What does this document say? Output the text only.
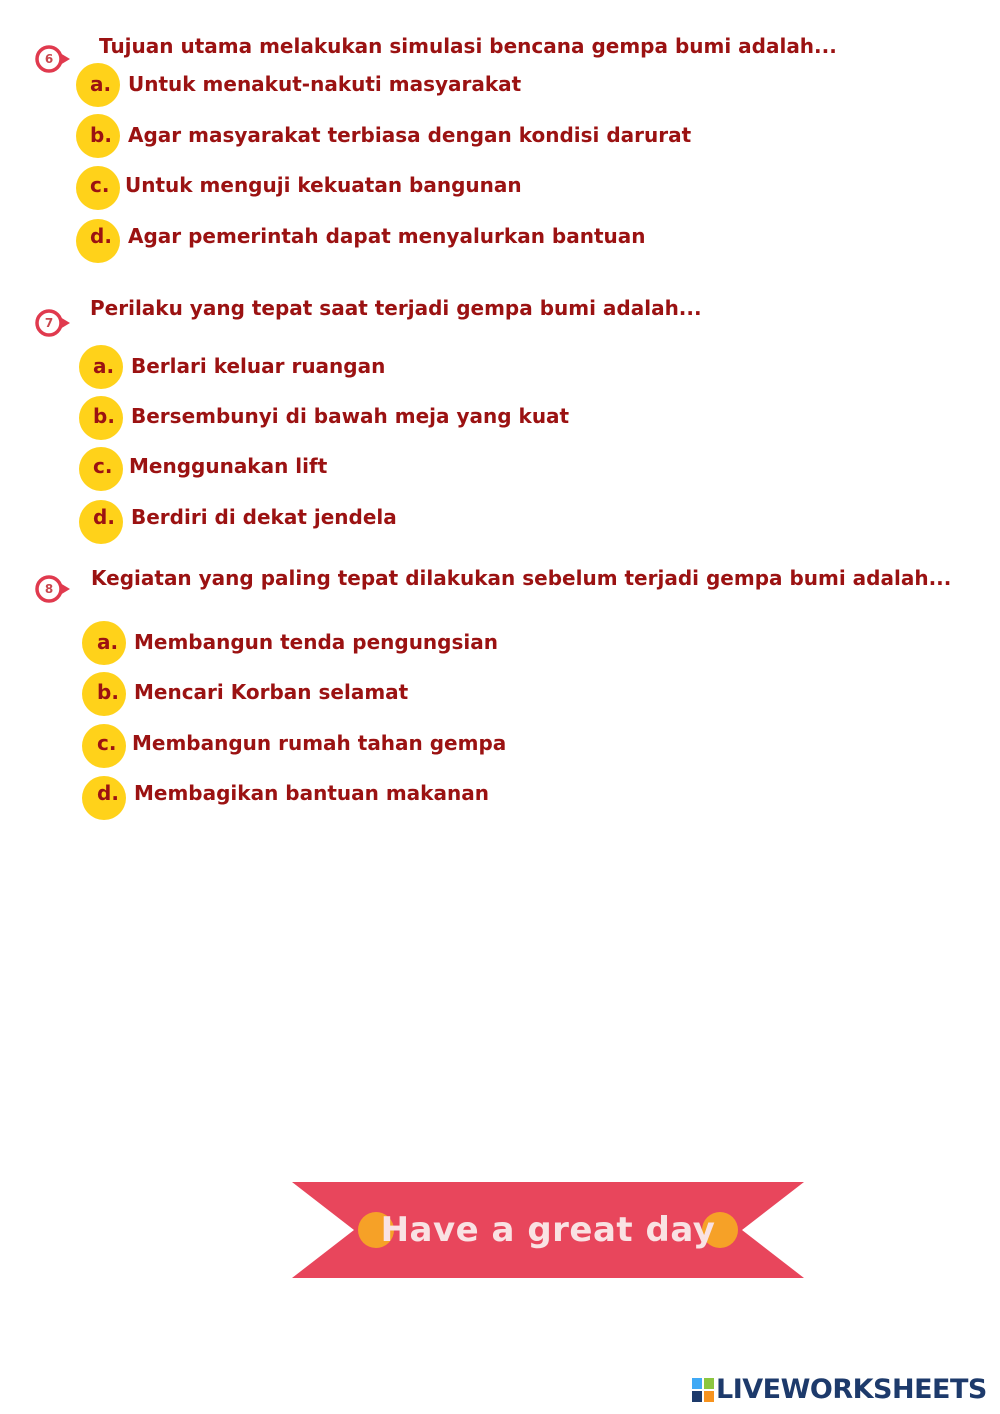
6
Tujuan utama melakukan simulasi bencana gempa bumi adalah...
a. Untuk menakut-nakuti masyarakat
b. Agar masyarakat terbiasa dengan kondisi darurat
c. Untuk menguji kekuatan bangunan
d. Agar pemerintah dapat menyalurkan bantuan
7
Perilaku yang tepat saat terjadi gempa bumi adalah...
a. Berlari keluar ruangan
b. Bersembunyi di bawah meja yang kuat
c. Menggunakan lift
d. Berdiri di dekat jendela
8	Kegiatan yang paling tepat dilakukan sebelum terjadi gempa bumi adalah...
a. Membangun tenda pengungsian
b. Mencari Korban selamat
c. Membangun rumah tahan gempa
d. Membagikan bantuan makanan
Have a great day
LIVEWORKSHEETS
